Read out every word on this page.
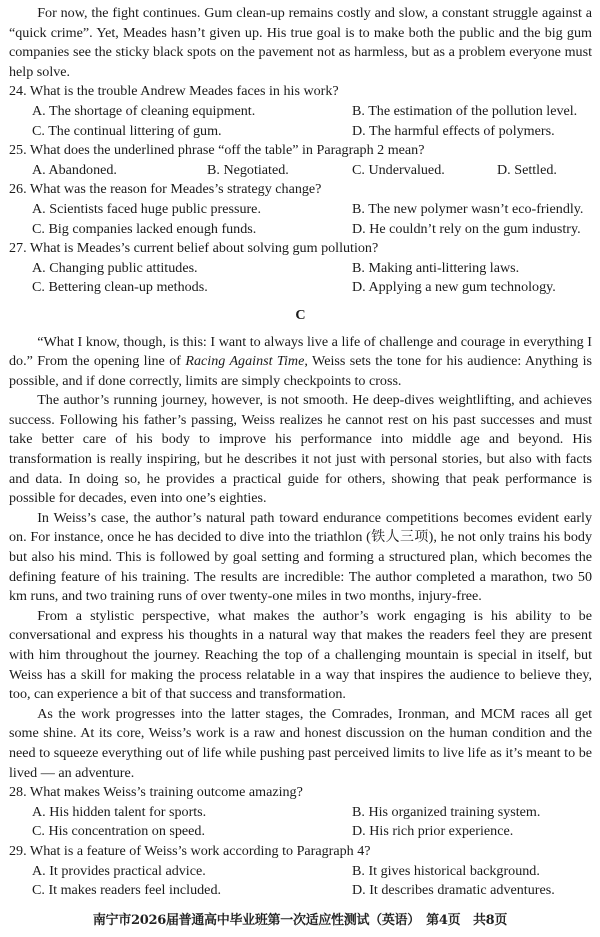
For now, the fight continues. Gum clean-up remains costly and slow, a constant struggle against a “quick crime”. Yet, Meades hasn’t given up. His true goal is to make both the public and the big gum companies see the sticky black spots on the pavement not as harmless, but as a problem everyone must help solve.

24. What is the trouble Andrew Meades faces in his work?

A. The shortage of cleaning equipment.	B. The estimation of the pollution level.
C. The continual littering of gum.	D. The harmful effects of polymers.

25. What does the underlined phrase “off the table” in Paragraph 2 mean?

A. Abandoned.	B. Negotiated.	C. Undervalued.	D. Settled.

26. What was the reason for Meades’s strategy change?

A. Scientists faced huge public pressure.	B. The new polymer wasn’t eco-friendly.
C. Big companies lacked enough funds.	D. He couldn’t rely on the gum industry.

27. What is Meades’s current belief about solving gum pollution?

A. Changing public attitudes.	B. Making anti-littering laws.
C. Bettering clean-up methods.	D. Applying a new gum technology.
C

“What I know, though, is this: I want to always live a life of challenge and courage in everything I do.” From the opening line of Racing Against Time, Weiss sets the tone for his audience: Anything is possible, and if done correctly, limits are simply checkpoints to cross.

The author’s running journey, however, is not smooth. He deep-dives weightlifting, and achieves success. Following his father’s passing, Weiss realizes he cannot rest on his past successes and must take better care of his body to improve his performance into middle age and beyond. His transformation is really inspiring, but he describes it not just with personal stories, but also with facts and data. In doing so, he provides a practical guide for others, showing that peak performance is possible for decades, even into one’s eighties.

In Weiss’s case, the author’s natural path toward endurance competitions becomes evident early on. For instance, once he has decided to dive into the triathlon (铁人三项), he not only trains his body but also his mind. This is followed by goal setting and forming a structured plan, which becomes the defining feature of his training. The results are incredible: The author completed a marathon, two 50 km runs, and two training runs of over twenty-one miles in two months, injury-free.

From a stylistic perspective, what makes the author’s work engaging is his ability to be conversational and express his thoughts in a natural way that makes the readers feel they are present with him throughout the journey. Reaching the top of a challenging mountain is special in itself, but Weiss has a skill for making the process relatable in a way that inspires the audience to believe they, too, can experience a bit of that success and transformation.

As the work progresses into the latter stages, the Comrades, Ironman, and MCM races all get some shine. At its core, Weiss’s work is a raw and honest discussion on the human condition and the need to squeeze everything out of life while pushing past perceived limits to live life as it’s meant to be lived — an adventure.

28. What makes Weiss’s training outcome amazing?

A. His hidden talent for sports.	B. His organized training system.
C. His concentration on speed.	D. His rich prior experience.

29. What is a feature of Weiss’s work according to Paragraph 4?

A. It provides practical advice.	B. It gives historical background.
C. It makes readers feel included.	D. It describes dramatic adventures.
南宁市2026届普通高中毕业班第一次适应性测试（英语）　第4页　共8页
